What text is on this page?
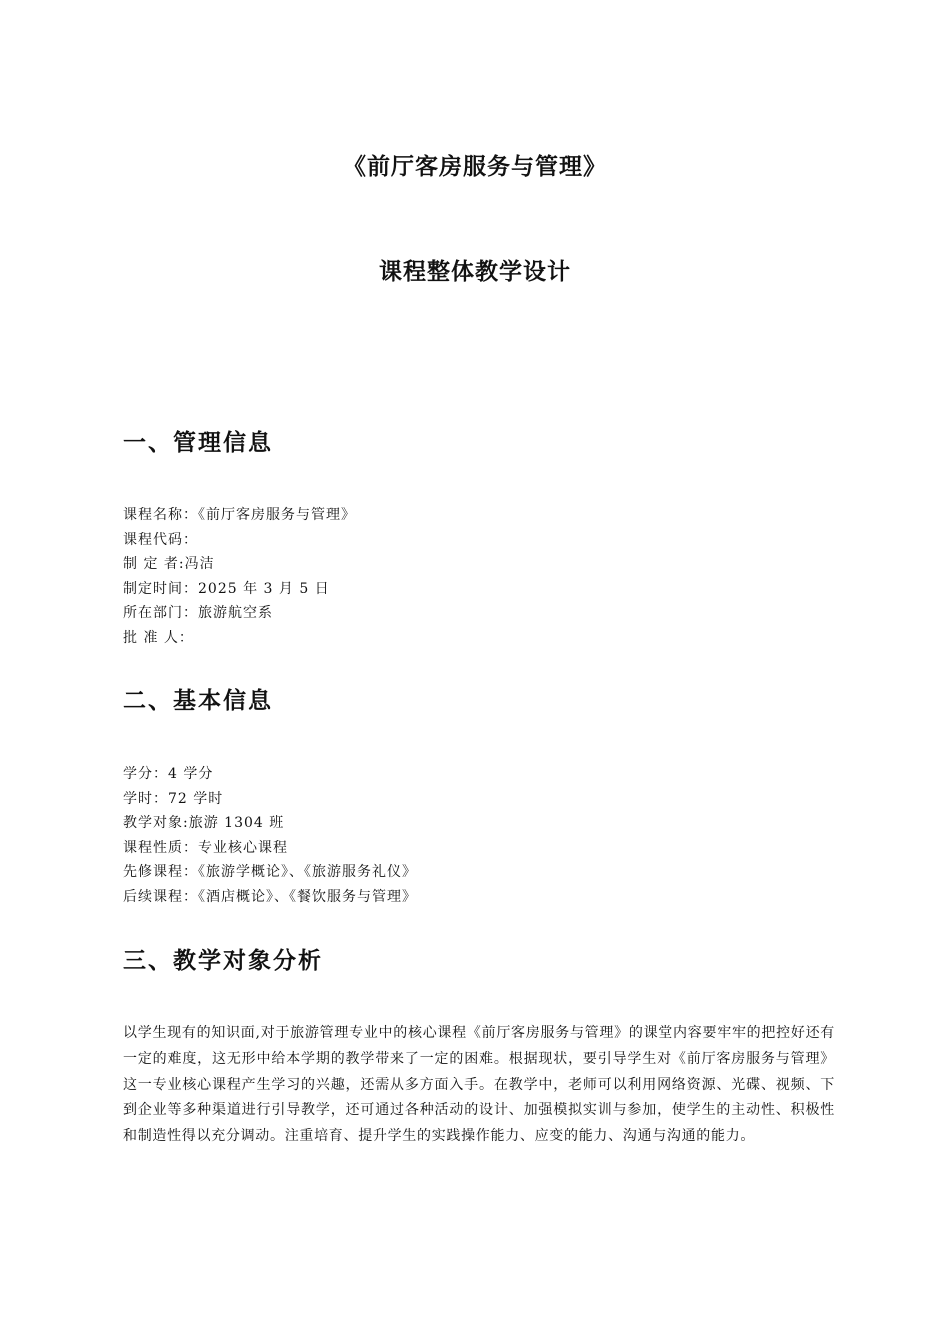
《前厅客房服务与管理》
课程整体教学设计
一、管理信息
课程名称：《前厅客房服务与管理》
课程代码：
制 定 者:冯洁
制定时间：2025 年 3 月 5 日
所在部门：旅游航空系
批 准 人：
二、基本信息
学分：4 学分
学时：72 学时
教学对象:旅游 1304 班
课程性质：专业核心课程
先修课程：《旅游学概论》、《旅游服务礼仪》
后续课程：《酒店概论》、《餐饮服务与管理》
三、教学对象分析

以学生现有的知识面,对于旅游管理专业中的核心课程《前厅客房服务与管理》的课堂内容要牢牢的把控好还有一定的难度，这无形中给本学期的教学带来了一定的困难。根据现状，要引导学生对《前厅客房服务与管理》这一专业核心课程产生学习的兴趣，还需从多方面入手。在教学中，老师可以利用网络资源、光碟、视频、下到企业等多种渠道进行引导教学，还可通过各种活动的设计、加强模拟实训与参加，使学生的主动性、积极性和制造性得以充分调动。注重培育、提升学生的实践操作能力、应变的能力、沟通与沟通的能力。
